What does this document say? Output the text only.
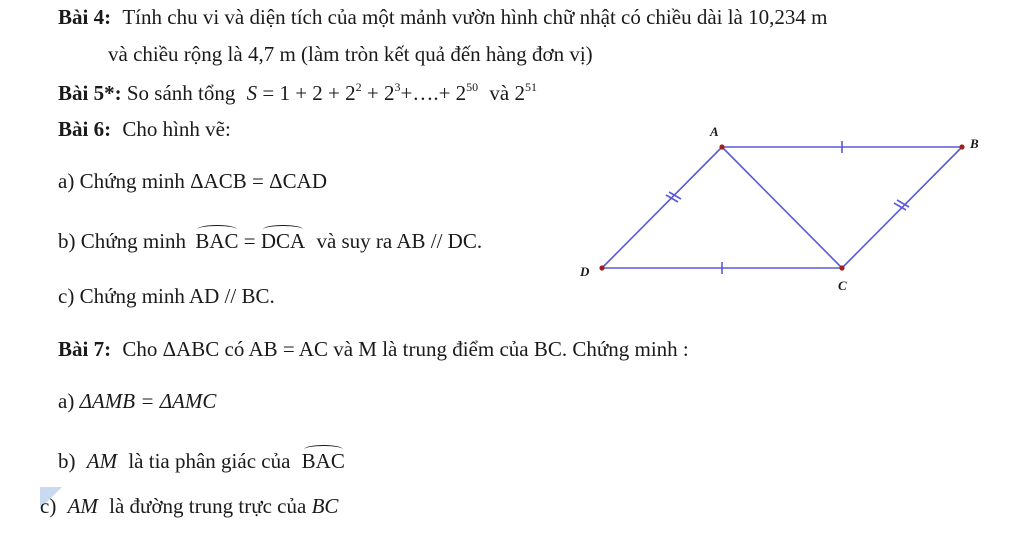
Bài 4: Tính chu vi và diện tích của một mảnh vườn hình chữ nhật có chiều dài là 10,234 m
và chiều rộng là 4,7 m (làm tròn kết quả đến hàng đơn vị)
Bài 5*: So sánh tổng $S = 1 + 2 + 2^2$ + $2^3+\dots.+ 2^{50}$ và $2^{51}$
Bài 6: Cho hình vẽ:
a) Chứng minh ΔACB = ΔCAD
b) Chứng minh BAC = DCA và suy ra AB // DC.
c) Chứng minh AD // BC.
A
B
C
D
Bài 7: Cho ΔABC có AB = AC và M là trung điểm của BC. Chứng minh :
a) ΔAMB = ΔAMC
b) AM là tia phân giác của BAC
c) AM là đường trung trực của BC
